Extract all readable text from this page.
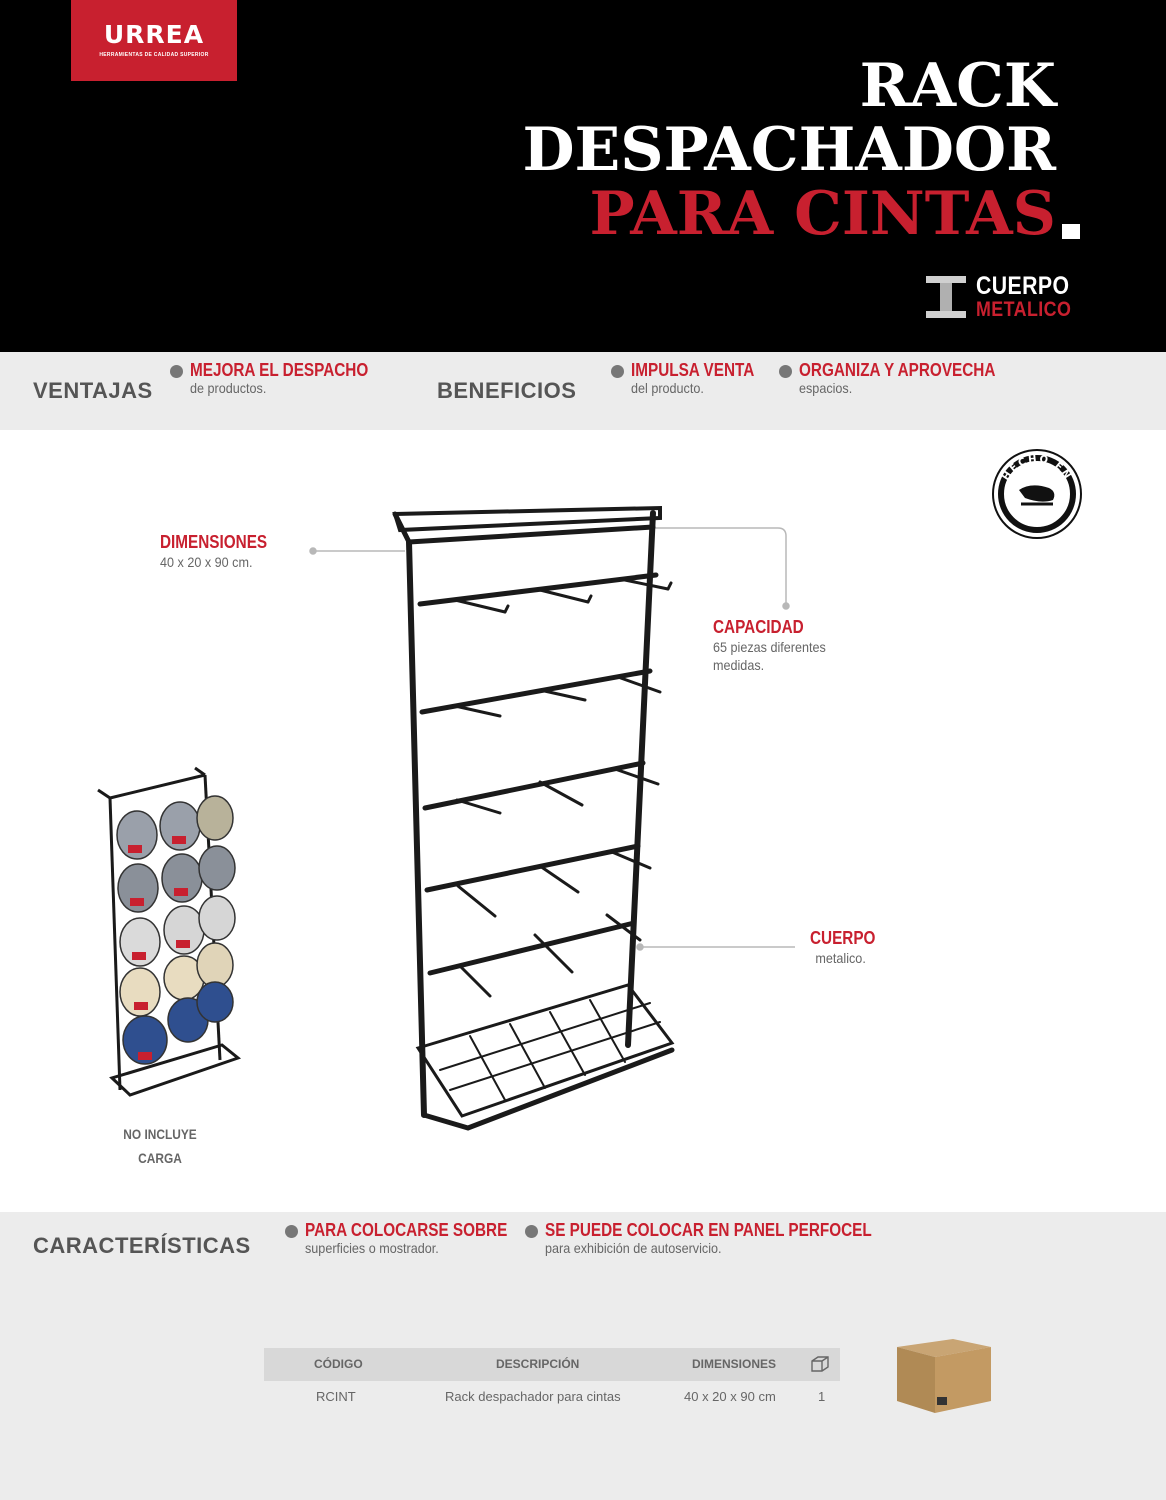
URREA
HERRAMIENTAS DE CALIDAD SUPERIOR	RACK
DESPACHADOR
PARA CINTAS
CUERPO
METALICO
VENTAJAS
MEJORA EL DESPACHO
de productos.	BENEFICIOS
IMPULSA VENTA
del producto.
ORGANIZA Y APROVECHA
espacios.
HECHO EN
MÉXICO
DIMENSIONES
40 x 20 x 90 cm.
CAPACIDAD
65 piezas diferentes
medidas.
CUERPO
metalico.
NO INCLUYE
CARGA
CARACTERÍSTICAS
PARA COLOCARSE SOBRE
superficies o mostrador.
SE PUEDE COLOCAR EN PANEL PERFOCEL
para exhibición de autoservicio.
CÓDIGO	DESCRIPCIÓN	DIMENSIONES
RCINT	Rack despachador para cintas	40 x 20 x 90 cm	1
